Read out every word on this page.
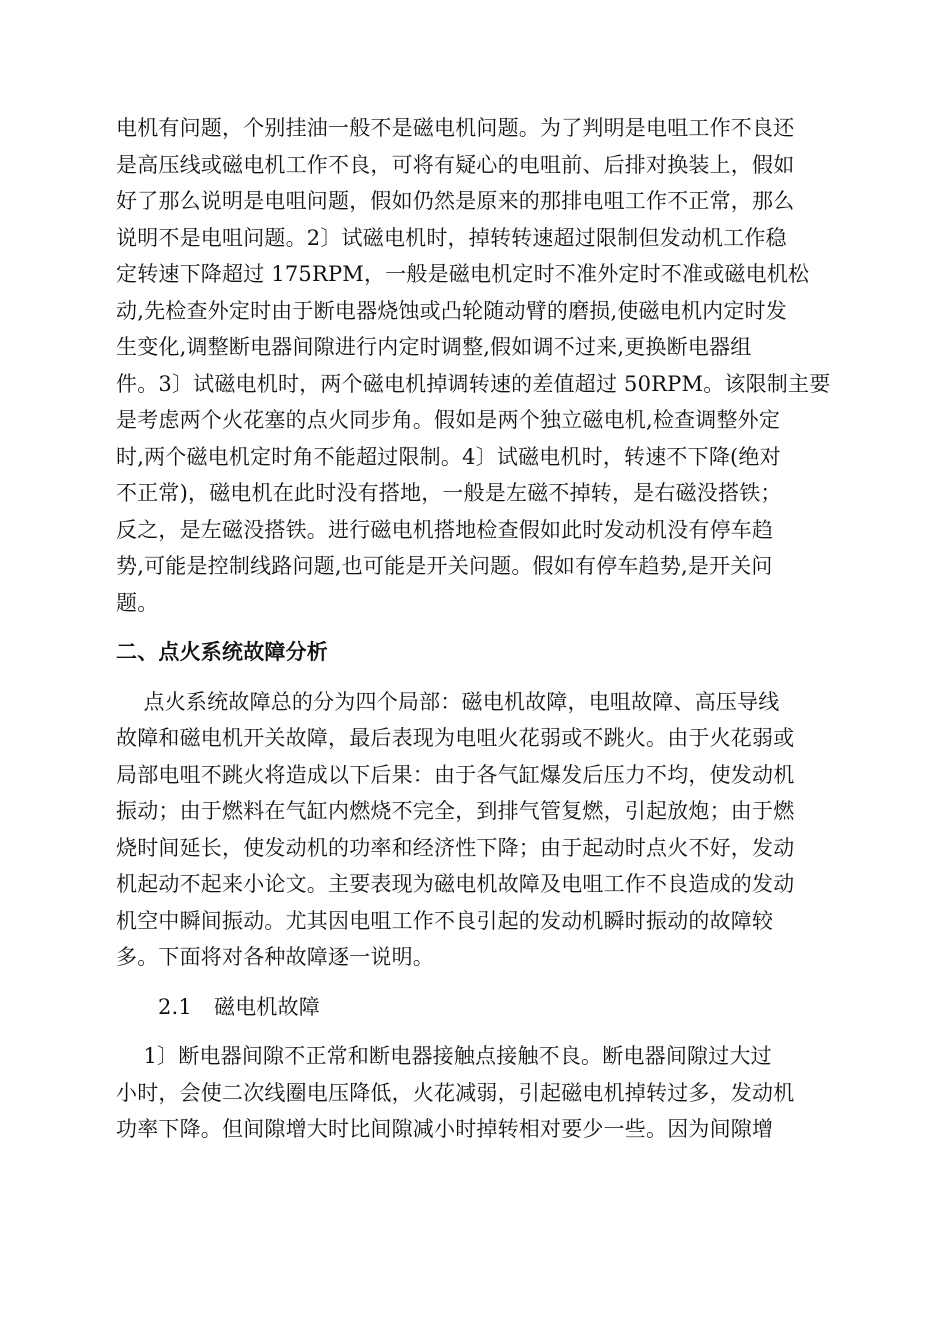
电机有问题，个别挂油一般不是磁电机问题。为了判明是电咀工作不良还
是高压线或磁电机工作不良，可将有疑心的电咀前、后排对换装上，假如
好了那么说明是电咀问题，假如仍然是原来的那排电咀工作不正常，那么
说明不是电咀问题。2〕试磁电机时，掉转转速超过限制但发动机工作稳
定转速下降超过 175RPM，一般是磁电机定时不准外定时不准或磁电机松
动,先检查外定时由于断电器烧蚀或凸轮随动臂的磨损,使磁电机内定时发
生变化,调整断电器间隙进行内定时调整,假如调不过来,更换断电器组
件。3〕试磁电机时，两个磁电机掉调转速的差值超过 50RPM。该限制主要
是考虑两个火花塞的点火同步角。假如是两个独立磁电机,检查调整外定
时,两个磁电机定时角不能超过限制。4〕试磁电机时，转速不下降(绝对
不正常)，磁电机在此时没有搭地，一般是左磁不掉转，是右磁没搭铁；
反之，是左磁没搭铁。进行磁电机搭地检查假如此时发动机没有停车趋
势,可能是控制线路问题,也可能是开关问题。假如有停车趋势,是开关问
题。
二、点火系统故障分析
点火系统故障总的分为四个局部：磁电机故障，电咀故障、高压导线
故障和磁电机开关故障，最后表现为电咀火花弱或不跳火。由于火花弱或
局部电咀不跳火将造成以下后果：由于各气缸爆发后压力不均，使发动机
振动；由于燃料在气缸内燃烧不完全，到排气管复燃，引起放炮；由于燃
烧时间延长，使发动机的功率和经济性下降；由于起动时点火不好，发动
机起动不起来小论文。主要表现为磁电机故障及电咀工作不良造成的发动
机空中瞬间振动。尤其因电咀工作不良引起的发动机瞬时振动的故障较
多。下面将对各种故障逐一说明。
2.1 磁电机故障
1〕断电器间隙不正常和断电器接触点接触不良。断电器间隙过大过
小时，会使二次线圈电压降低，火花减弱，引起磁电机掉转过多，发动机
功率下降。但间隙增大时比间隙减小时掉转相对要少一些。因为间隙增
